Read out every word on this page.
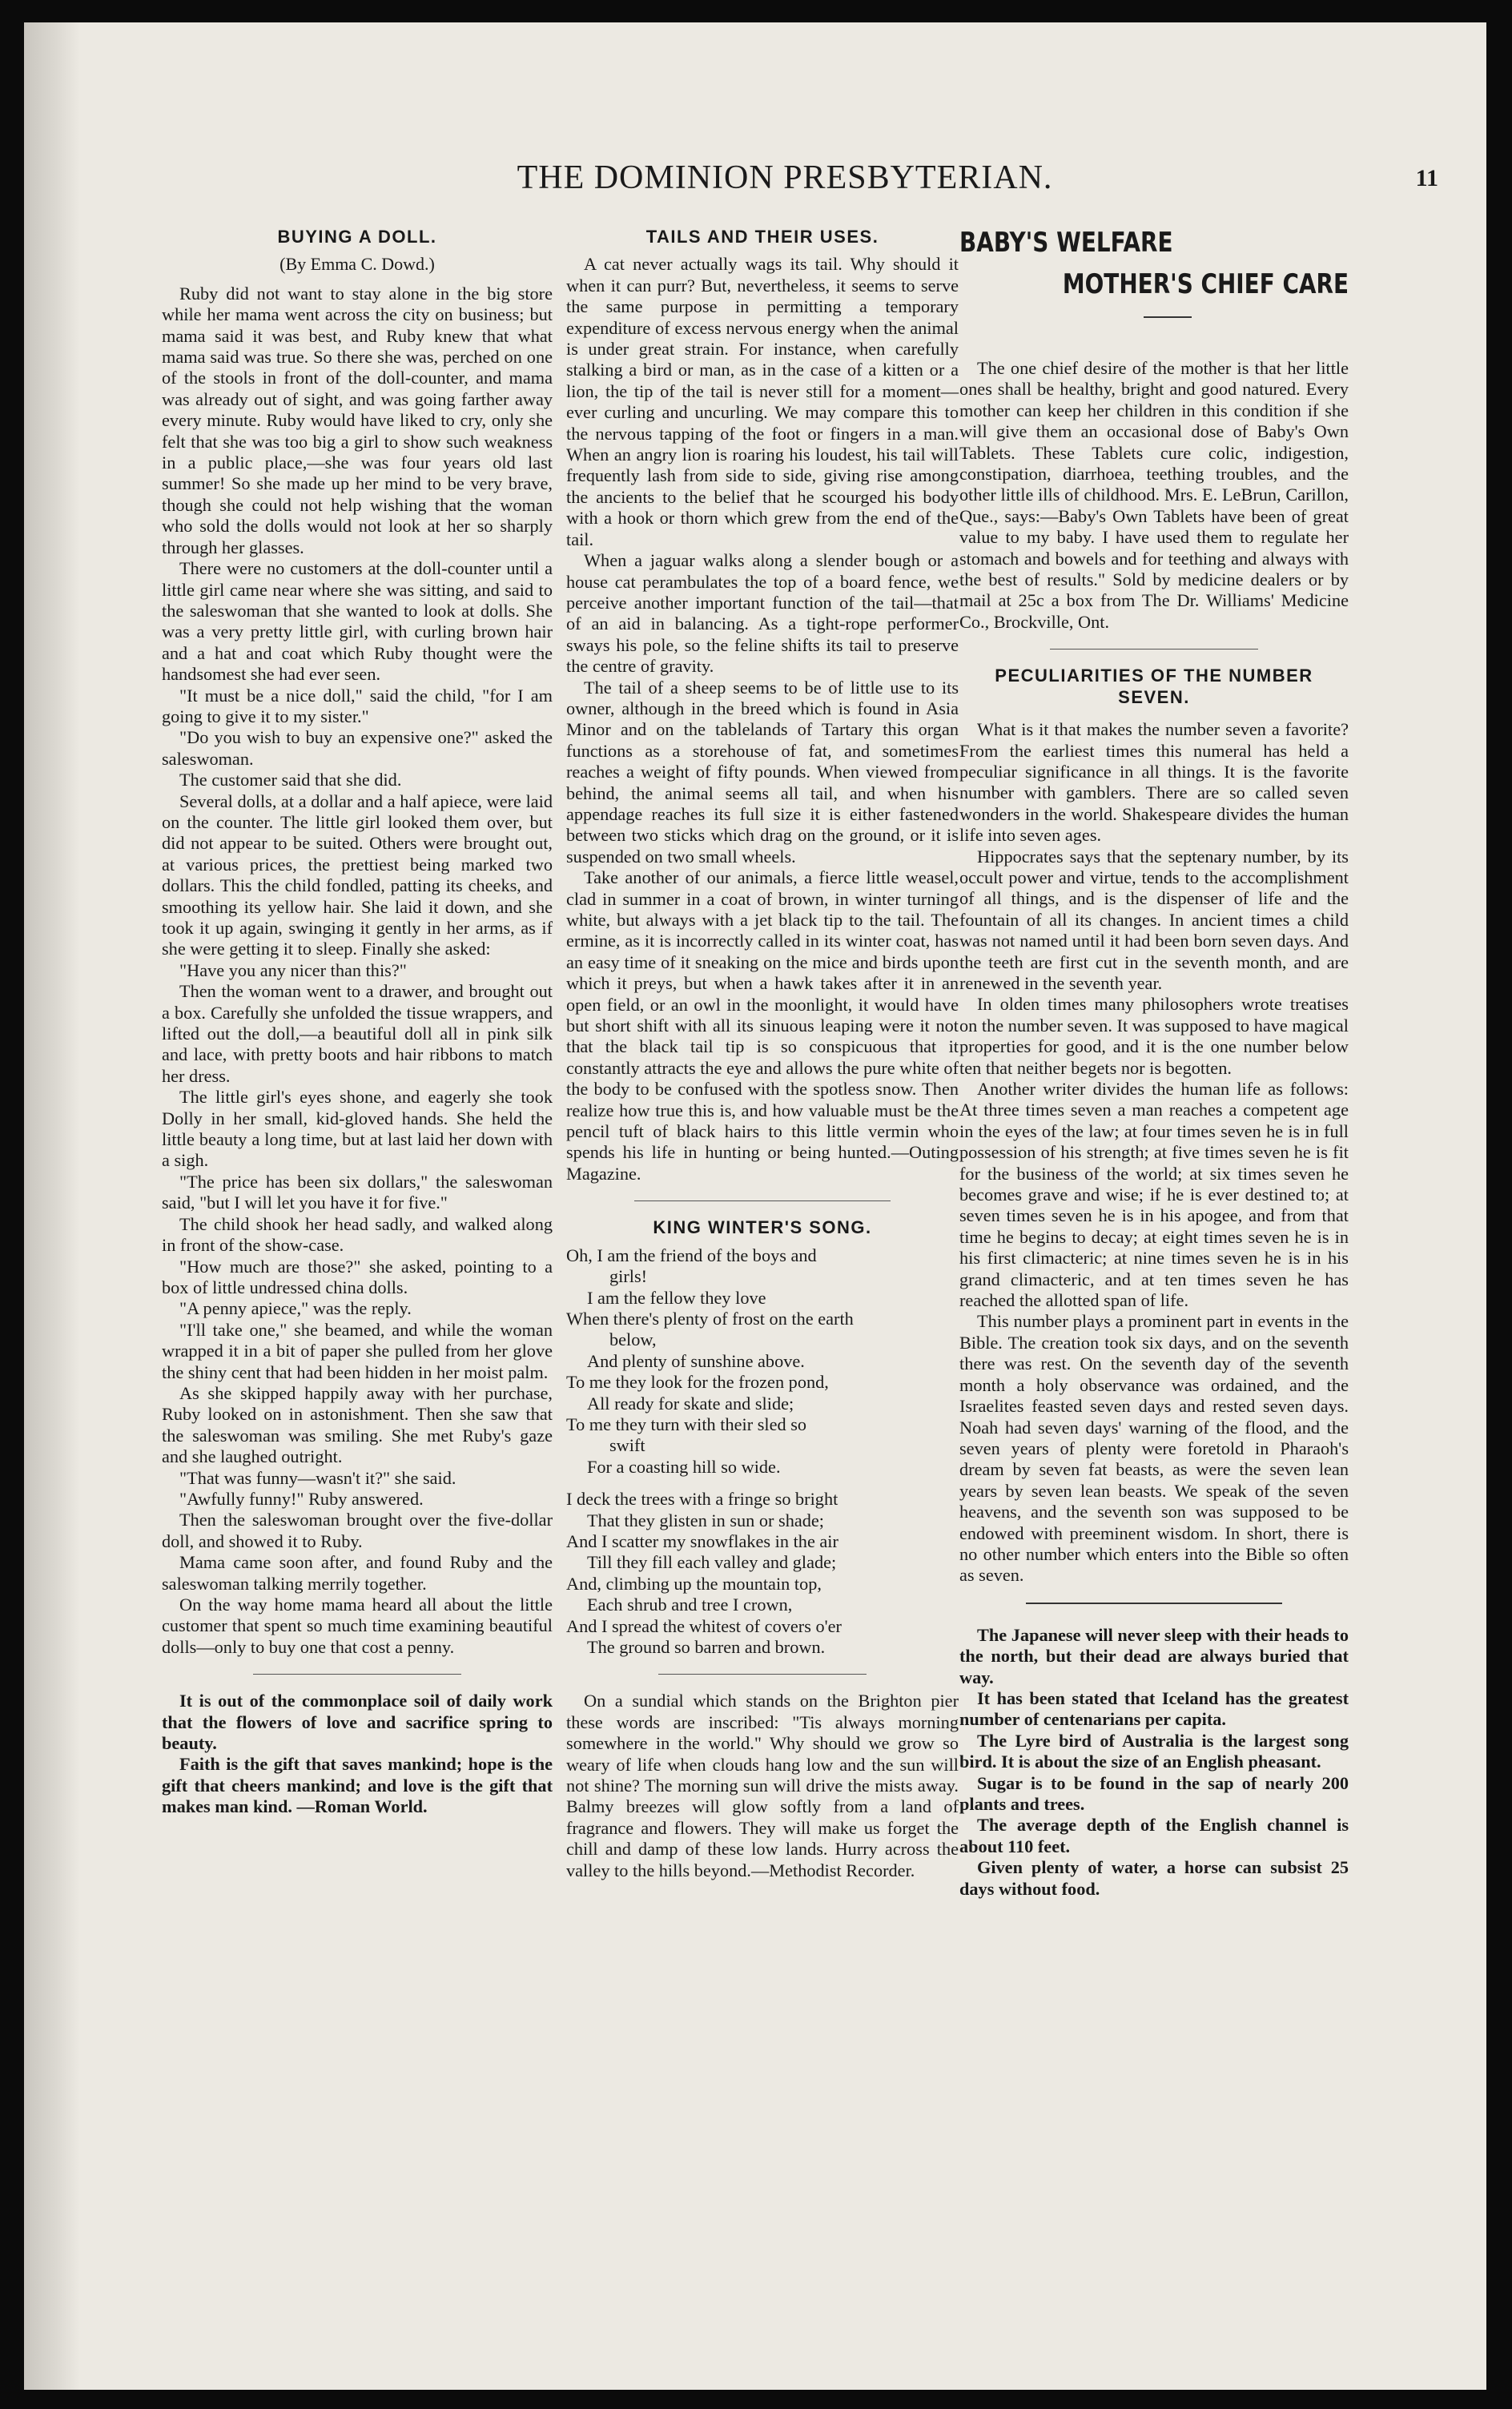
THE DOMINION PRESBYTERIAN.	11
BUYING A DOLL.
(By Emma C. Dowd.)

Ruby did not want to stay alone in the big store while her mama went across the city on business; but mama said it was best, and Ruby knew that what mama said was true. So there she was, perched on one of the stools in front of the doll-counter, and mama was already out of sight, and was going farther away every minute. Ruby would have liked to cry, only she felt that she was too big a girl to show such weakness in a public place,—she was four years old last summer! So she made up her mind to be very brave, though she could not help wishing that the woman who sold the dolls would not look at her so sharply through her glasses.

There were no customers at the doll-counter until a little girl came near where she was sitting, and said to the saleswoman that she wanted to look at dolls. She was a very pretty little girl, with curling brown hair and a hat and coat which Ruby thought were the handsomest she had ever seen.

"It must be a nice doll," said the child, "for I am going to give it to my sister."

"Do you wish to buy an expensive one?" asked the saleswoman.

The customer said that she did.

Several dolls, at a dollar and a half apiece, were laid on the counter. The little girl looked them over, but did not appear to be suited. Others were brought out, at various prices, the prettiest being marked two dollars. This the child fondled, patting its cheeks, and smoothing its yellow hair. She laid it down, and she took it up again, swinging it gently in her arms, as if she were getting it to sleep. Finally she asked:

"Have you any nicer than this?"

Then the woman went to a drawer, and brought out a box. Carefully she unfolded the tissue wrappers, and lifted out the doll,—a beautiful doll all in pink silk and lace, with pretty boots and hair ribbons to match her dress.

The little girl's eyes shone, and eagerly she took Dolly in her small, kid-gloved hands. She held the little beauty a long time, but at last laid her down with a sigh.

"The price has been six dollars," the saleswoman said, "but I will let you have it for five."

The child shook her head sadly, and walked along in front of the show-case.

"How much are those?" she asked, pointing to a box of little undressed china dolls.

"A penny apiece," was the reply.

"I'll take one," she beamed, and while the woman wrapped it in a bit of paper she pulled from her glove the shiny cent that had been hidden in her moist palm.

As she skipped happily away with her purchase, Ruby looked on in astonishment. Then she saw that the saleswoman was smiling. She met Ruby's gaze and she laughed outright.

"That was funny—wasn't it?" she said.

"Awfully funny!" Ruby answered.

Then the saleswoman brought over the five-dollar doll, and showed it to Ruby.

Mama came soon after, and found Ruby and the saleswoman talking merrily together.

On the way home mama heard all about the little customer that spent so much time examining beautiful dolls—only to buy one that cost a penny.

It is out of the commonplace soil of daily work that the flowers of love and sacrifice spring to beauty.

Faith is the gift that saves mankind; hope is the gift that cheers mankind; and love is the gift that makes man kind. —Roman World.

TAILS AND THEIR USES.

A cat never actually wags its tail. Why should it when it can purr? But, nevertheless, it seems to serve the same purpose in permitting a temporary expenditure of excess nervous energy when the animal is under great strain. For instance, when carefully stalking a bird or man, as in the case of a kitten or a lion, the tip of the tail is never still for a moment—ever curling and uncurling. We may compare this to the nervous tapping of the foot or fingers in a man. When an angry lion is roaring his loudest, his tail will frequently lash from side to side, giving rise among the ancients to the belief that he scourged his body with a hook or thorn which grew from the end of the tail.

When a jaguar walks along a slender bough or a house cat perambulates the top of a board fence, we perceive another important function of the tail—that of an aid in balancing. As a tight-rope performer sways his pole, so the feline shifts its tail to preserve the centre of gravity.

The tail of a sheep seems to be of little use to its owner, although in the breed which is found in Asia Minor and on the tablelands of Tartary this organ functions as a storehouse of fat, and sometimes reaches a weight of fifty pounds. When viewed from behind, the animal seems all tail, and when his appendage reaches its full size it is either fastened between two sticks which drag on the ground, or it is suspended on two small wheels.

Take another of our animals, a fierce little weasel, clad in summer in a coat of brown, in winter turning white, but always with a jet black tip to the tail. The ermine, as it is incorrectly called in its winter coat, has an easy time of it sneaking on the mice and birds upon which it preys, but when a hawk takes after it in an open field, or an owl in the moonlight, it would have but short shift with all its sinuous leaping were it not that the black tail tip is so conspicuous that it constantly attracts the eye and allows the pure white of the body to be confused with the spotless snow. Then realize how true this is, and how valuable must be the pencil tuft of black hairs to this little vermin who spends his life in hunting or being hunted.—Outing Magazine.

KING WINTER'S SONG.

Oh, I am the friend of the boys and

girls!

I am the fellow they love

When there's plenty of frost on the earth

below,

And plenty of sunshine above.

To me they look for the frozen pond,

All ready for skate and slide;

To me they turn with their sled so

swift

For a coasting hill so wide.

I deck the trees with a fringe so bright

That they glisten in sun or shade;

And I scatter my snowflakes in the air

Till they fill each valley and glade;

And, climbing up the mountain top,

Each shrub and tree I crown,

And I spread the whitest of covers o'er

The ground so barren and brown.

On a sundial which stands on the Brighton pier these words are inscribed: "Tis always morning somewhere in the world." Why should we grow so weary of life when clouds hang low and the sun will not shine? The morning sun will drive the mists away. Balmy breezes will glow softly from a land of fragrance and flowers. They will make us forget the chill and damp of these low lands. Hurry across the valley to the hills beyond.—Methodist Recorder.

BABY'S WELFARE
MOTHER'S CHIEF CARE

The one chief desire of the mother is that her little ones shall be healthy, bright and good natured. Every mother can keep her children in this condition if she will give them an occasional dose of Baby's Own Tablets. These Tablets cure colic, indigestion, constipation, diarrhoea, teething troubles, and the other little ills of childhood. Mrs. E. LeBrun, Carillon, Que., says:—Baby's Own Tablets have been of great value to my baby. I have used them to regulate her stomach and bowels and for teething and always with the best of results." Sold by medicine dealers or by mail at 25c a box from The Dr. Williams' Medicine Co., Brockville, Ont.

PECULIARITIES OF THE NUMBER SEVEN.

What is it that makes the number seven a favorite? From the earliest times this numeral has held a peculiar significance in all things. It is the favorite number with gamblers. There are so called seven wonders in the world. Shakespeare divides the human life into seven ages.

Hippocrates says that the septenary number, by its occult power and virtue, tends to the accomplishment of all things, and is the dispenser of life and the fountain of all its changes. In ancient times a child was not named until it had been born seven days. And the teeth are first cut in the seventh month, and are renewed in the seventh year.

In olden times many philosophers wrote treatises on the number seven. It was supposed to have magical properties for good, and it is the one number below ten that neither begets nor is begotten.

Another writer divides the human life as follows: At three times seven a man reaches a competent age in the eyes of the law; at four times seven he is in full possession of his strength; at five times seven he is fit for the business of the world; at six times seven he becomes grave and wise; if he is ever destined to; at seven times seven he is in his apogee, and from that time he begins to decay; at eight times seven he is in his first climacteric; at nine times seven he is in his grand climacteric, and at ten times seven he has reached the allotted span of life.

This number plays a prominent part in events in the Bible. The creation took six days, and on the seventh there was rest. On the seventh day of the seventh month a holy observance was ordained, and the Israelites feasted seven days and rested seven days. Noah had seven days' warning of the flood, and the seven years of plenty were foretold in Pharaoh's dream by seven fat beasts, as were the seven lean years by seven lean beasts. We speak of the seven heavens, and the seventh son was supposed to be endowed with preeminent wisdom. In short, there is no other number which enters into the Bible so often as seven.

The Japanese will never sleep with their heads to the north, but their dead are always buried that way.

It has been stated that Iceland has the greatest number of centenarians per capita.

The Lyre bird of Australia is the largest song bird. It is about the size of an English pheasant.

Sugar is to be found in the sap of nearly 200 plants and trees.

The average depth of the English channel is about 110 feet.

Given plenty of water, a horse can subsist 25 days without food.
